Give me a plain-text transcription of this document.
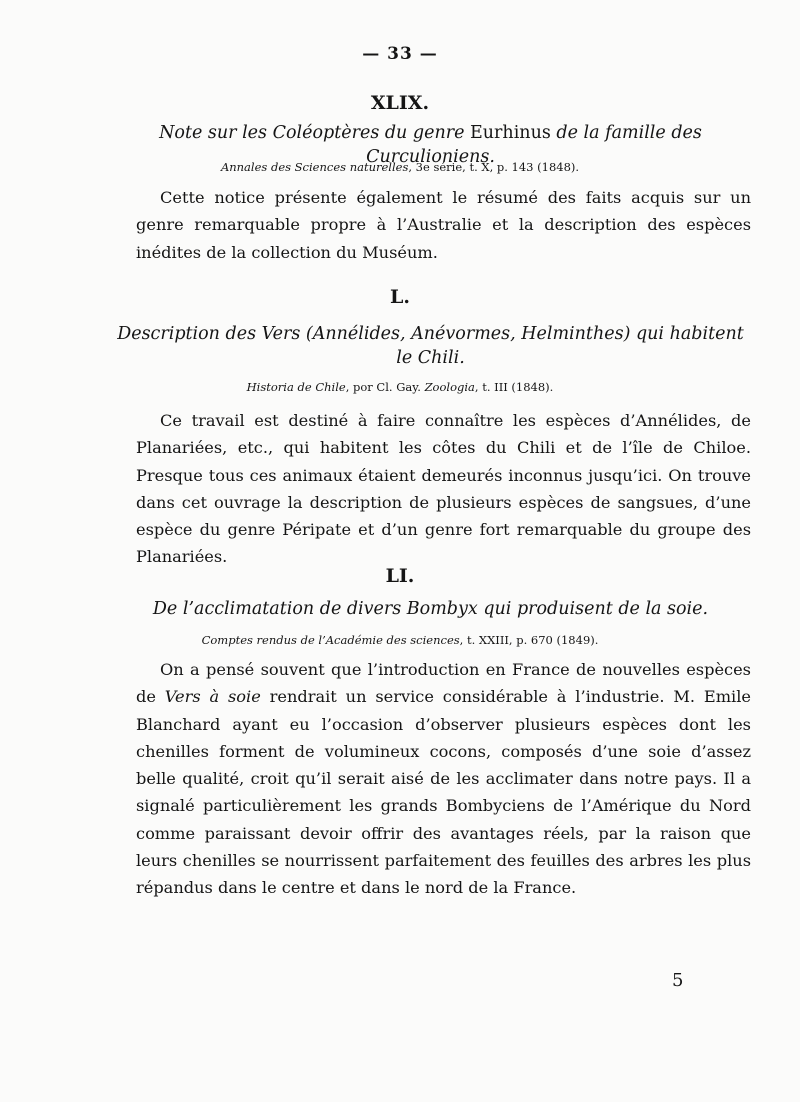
— 33 —
XLIX.
Note sur les Coléoptères du genre Eurhinus de la famille des Curculioniens.
Annales des Sciences naturelles, 3e série, t. X, p. 143 (1848).

Cette notice présente également le résumé des faits acquis sur un genre remarquable propre à l’Australie et la description des espèces inédites de la collection du Muséum.

L.
Description des Vers (Annélides, Anévormes, Helminthes) qui habitent le Chili.
Historia de Chile, por Cl. Gay. Zoologia, t. III (1848).

Ce travail est destiné à faire connaître les espèces d’Annélides, de Planariées, etc., qui habitent les côtes du Chili et de l’île de Chiloe. Presque tous ces animaux étaient demeurés inconnus jusqu’ici. On trouve dans cet ouvrage la description de plusieurs espèces de sangsues, d’une espèce du genre Péripate et d’un genre fort remarquable du groupe des Planariées.

LI.
De l’acclimatation de divers Bombyx qui produisent de la soie.
Comptes rendus de l’Académie des sciences, t. XXIII, p. 670 (1849).

On a pensé souvent que l’introduction en France de nouvelles espèces de Vers à soie rendrait un service considérable à l’industrie. M. Emile Blanchard ayant eu l’occasion d’observer plusieurs espèces dont les chenilles forment de volumineux cocons, composés d’une soie d’assez belle qualité, croit qu’il serait aisé de les acclimater dans notre pays. Il a signalé particulièrement les grands Bombyciens de l’Amérique du Nord comme paraissant devoir offrir des avantages réels, par la raison que leurs chenilles se nourrissent parfaitement des feuilles des arbres les plus répandus dans le centre et dans le nord de la France.

5
